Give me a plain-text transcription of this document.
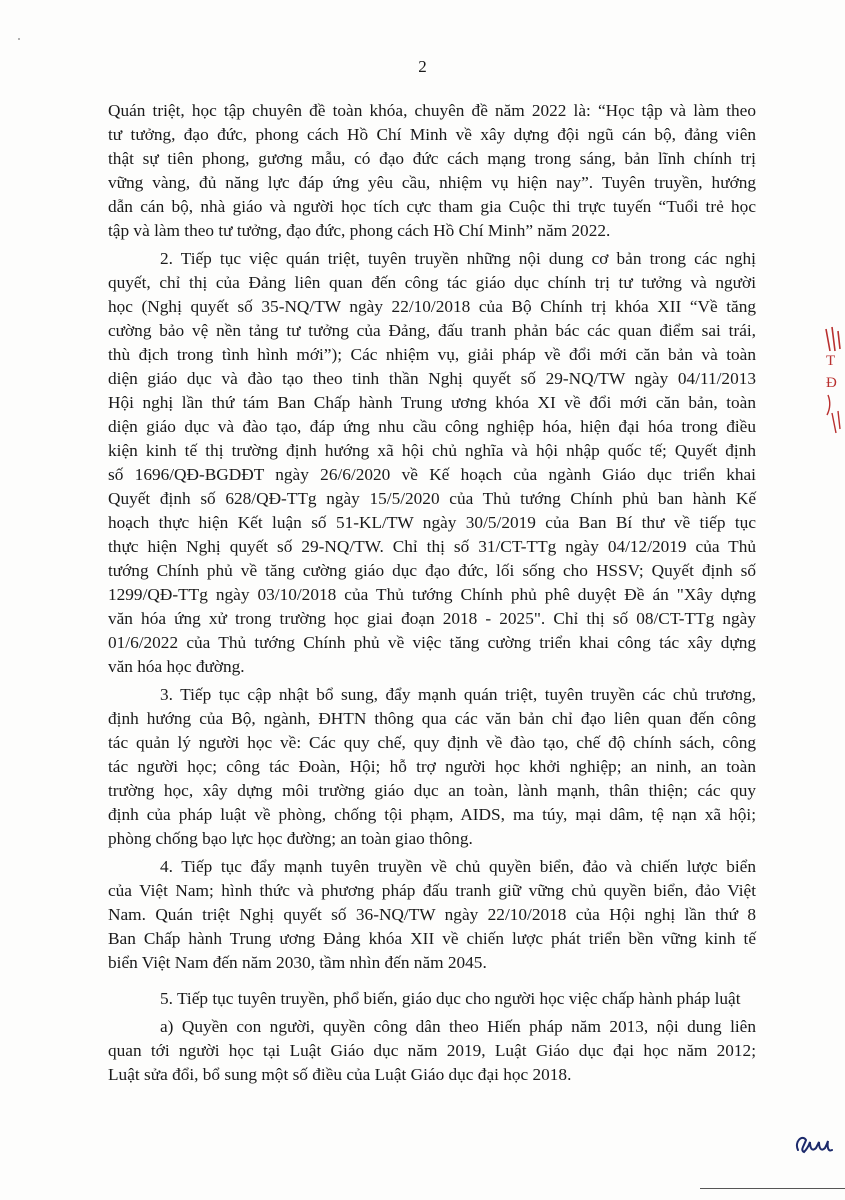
2
Quán triệt, học tập chuyên đề toàn khóa, chuyên đề năm 2022 là: “Học tập và làm theo
tư tưởng, đạo đức, phong cách Hồ Chí Minh về xây dựng đội ngũ cán bộ, đảng viên
thật sự tiên phong, gương mẫu, có đạo đức cách mạng trong sáng, bản lĩnh chính trị
vững vàng, đủ năng lực đáp ứng yêu cầu, nhiệm vụ hiện nay”. Tuyên truyền, hướng
dẫn cán bộ, nhà giáo và người học tích cực tham gia Cuộc thi trực tuyến “Tuổi trẻ học
tập và làm theo tư tưởng, đạo đức, phong cách Hồ Chí Minh” năm 2022.
2. Tiếp tục việc quán triệt, tuyên truyền những nội dung cơ bản trong các nghị
quyết, chỉ thị của Đảng liên quan đến công tác giáo dục chính trị tư tưởng và người
học (Nghị quyết số 35-NQ/TW ngày 22/10/2018 của Bộ Chính trị khóa XII “Về tăng
cường bảo vệ nền tảng tư tưởng của Đảng, đấu tranh phản bác các quan điểm sai trái,
thù địch trong tình hình mới”); Các nhiệm vụ, giải pháp về đổi mới căn bản và toàn
diện giáo dục và đào tạo theo tinh thần Nghị quyết số 29-NQ/TW ngày 04/11/2013
Hội nghị lần thứ tám Ban Chấp hành Trung ương khóa XI về đổi mới căn bản, toàn
diện giáo dục và đào tạo, đáp ứng nhu cầu công nghiệp hóa, hiện đại hóa trong điều
kiện kinh tế thị trường định hướng xã hội chủ nghĩa và hội nhập quốc tế; Quyết định
số 1696/QĐ-BGDĐT ngày 26/6/2020 về Kế hoạch của ngành Giáo dục triển khai
Quyết định số 628/QĐ-TTg ngày 15/5/2020 của Thủ tướng Chính phủ ban hành Kế
hoạch thực hiện Kết luận số 51-KL/TW ngày 30/5/2019 của Ban Bí thư về tiếp tục
thực hiện Nghị quyết số 29-NQ/TW. Chỉ thị số 31/CT-TTg ngày 04/12/2019 của Thủ
tướng Chính phủ về tăng cường giáo dục đạo đức, lối sống cho HSSV; Quyết định số
1299/QĐ-TTg ngày 03/10/2018 của Thủ tướng Chính phủ phê duyệt Đề án "Xây dựng
văn hóa ứng xử trong trường học giai đoạn 2018 - 2025". Chỉ thị số 08/CT-TTg ngày
01/6/2022 của Thủ tướng Chính phủ về việc tăng cường triển khai công tác xây dựng
văn hóa học đường.
3. Tiếp tục cập nhật bổ sung, đẩy mạnh quán triệt, tuyên truyền các chủ trương,
định hướng của Bộ, ngành, ĐHTN thông qua các văn bản chỉ đạo liên quan đến công
tác quản lý người học về: Các quy chế, quy định về đào tạo, chế độ chính sách, công
tác người học; công tác Đoàn, Hội; hỗ trợ người học khởi nghiệp; an ninh, an toàn
trường học, xây dựng môi trường giáo dục an toàn, lành mạnh, thân thiện; các quy
định của pháp luật về phòng, chống tội phạm, AIDS, ma túy, mại dâm, tệ nạn xã hội;
phòng chống bạo lực học đường; an toàn giao thông.
4. Tiếp tục đẩy mạnh tuyên truyền về chủ quyền biển, đảo và chiến lược biển
của Việt Nam; hình thức và phương pháp đấu tranh giữ vững chủ quyền biển, đảo Việt
Nam. Quán triệt Nghị quyết số 36-NQ/TW ngày 22/10/2018 của Hội nghị lần thứ 8
Ban Chấp hành Trung ương Đảng khóa XII về chiến lược phát triển bền vững kinh tế
biển Việt Nam đến năm 2030, tầm nhìn đến năm 2045.
5. Tiếp tục tuyên truyền, phổ biến, giáo dục cho người học việc chấp hành pháp luật
a) Quyền con người, quyền công dân theo Hiến pháp năm 2013, nội dung liên
quan tới người học tại Luật Giáo dục năm 2019, Luật Giáo dục đại học năm 2012;
Luật sửa đổi, bổ sung một số điều của Luật Giáo dục đại học 2018.
T
Đ
